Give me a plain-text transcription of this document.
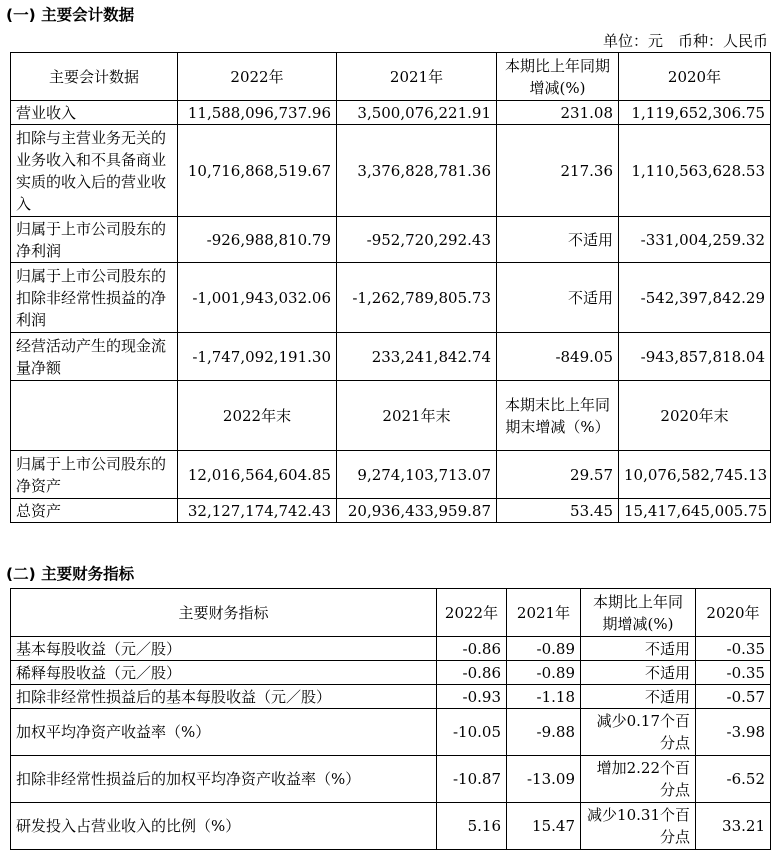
(一) 主要会计数据
单位：元　币种：人民币
主要会计数据	2022年	2021年	本期比上年同期增减(%)	2020年
营业收入	11,588,096,737.96	3,500,076,221.91	231.08	1,119,652,306.75
扣除与主营业务无关的业务收入和不具备商业实质的收入后的营业收入	10,716,868,519.67	3,376,828,781.36	217.36	1,110,563,628.53
归属于上市公司股东的净利润	-926,988,810.79	-952,720,292.43	不适用	-331,004,259.32
归属于上市公司股东的扣除非经常性损益的净利润	-1,001,943,032.06	-1,262,789,805.73	不适用	-542,397,842.29
经营活动产生的现金流量净额	-1,747,092,191.30	233,241,842.74	-849.05	-943,857,818.04
	2022年末	2021年末	本期末比上年同期末增减（%）	2020年末
归属于上市公司股东的净资产	12,016,564,604.85	9,274,103,713.07	29.57	10,076,582,745.13
总资产	32,127,174,742.43	20,936,433,959.87	53.45	15,417,645,005.75
(二) 主要财务指标
主要财务指标	2022年	2021年	本期比上年同期增减(%)	2020年
基本每股收益（元／股）	-0.86	-0.89	不适用	-0.35
稀释每股收益（元／股）	-0.86	-0.89	不适用	-0.35
扣除非经常性损益后的基本每股收益（元／股）	-0.93	-1.18	不适用	-0.57
加权平均净资产收益率（%）	-10.05	-9.88	减少0.17个百分点	-3.98
扣除非经常性损益后的加权平均净资产收益率（%）	-10.87	-13.09	增加2.22个百分点	-6.52
研发投入占营业收入的比例（%）	5.16	15.47	减少10.31个百分点	33.21
